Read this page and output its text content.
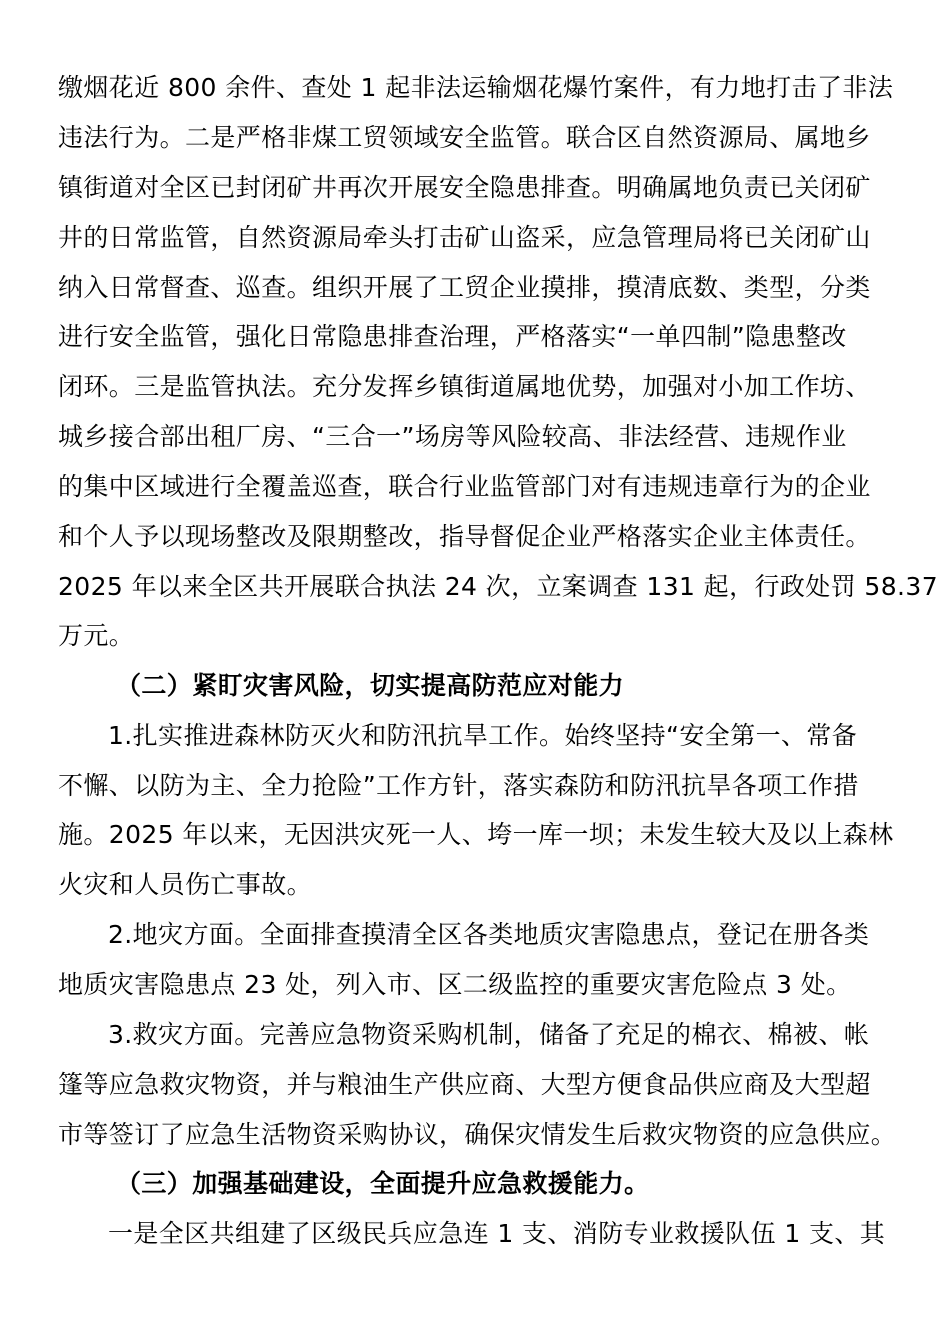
缴烟花近 800 余件、查处 1 起非法运输烟花爆竹案件，有力地打击了非法
违法行为。二是严格非煤工贸领域安全监管。联合区自然资源局、属地乡
镇街道对全区已封闭矿井再次开展安全隐患排查。明确属地负责已关闭矿
井的日常监管，自然资源局牵头打击矿山盗采，应急管理局将已关闭矿山
纳入日常督查、巡查。组织开展了工贸企业摸排，摸清底数、类型，分类
进行安全监管，强化日常隐患排查治理，严格落实“一单四制”隐患整改
闭环。三是监管执法。充分发挥乡镇街道属地优势，加强对小加工作坊、
城乡接合部出租厂房、“三合一”场房等风险较高、非法经营、违规作业
的集中区域进行全覆盖巡查，联合行业监管部门对有违规违章行为的企业
和个人予以现场整改及限期整改，指导督促企业严格落实企业主体责任。
2025 年以来全区共开展联合执法 24 次，立案调查 131 起，行政处罚 58.37
万元。
（二）紧盯灾害风险，切实提高防范应对能力
1.扎实推进森林防灭火和防汛抗旱工作。始终坚持“安全第一、常备
不懈、以防为主、全力抢险”工作方针，落实森防和防汛抗旱各项工作措
施。2025 年以来，无因洪灾死一人、垮一库一坝；未发生较大及以上森林
火灾和人员伤亡事故。
2.地灾方面。全面排查摸清全区各类地质灾害隐患点，登记在册各类
地质灾害隐患点 23 处，列入市、区二级监控的重要灾害危险点 3 处。
3.救灾方面。完善应急物资采购机制，储备了充足的棉衣、棉被、帐
篷等应急救灾物资，并与粮油生产供应商、大型方便食品供应商及大型超
市等签订了应急生活物资采购协议，确保灾情发生后救灾物资的应急供应。
（三）加强基础建设，全面提升应急救援能力。
一是全区共组建了区级民兵应急连 1 支、消防专业救援队伍 1 支、其
